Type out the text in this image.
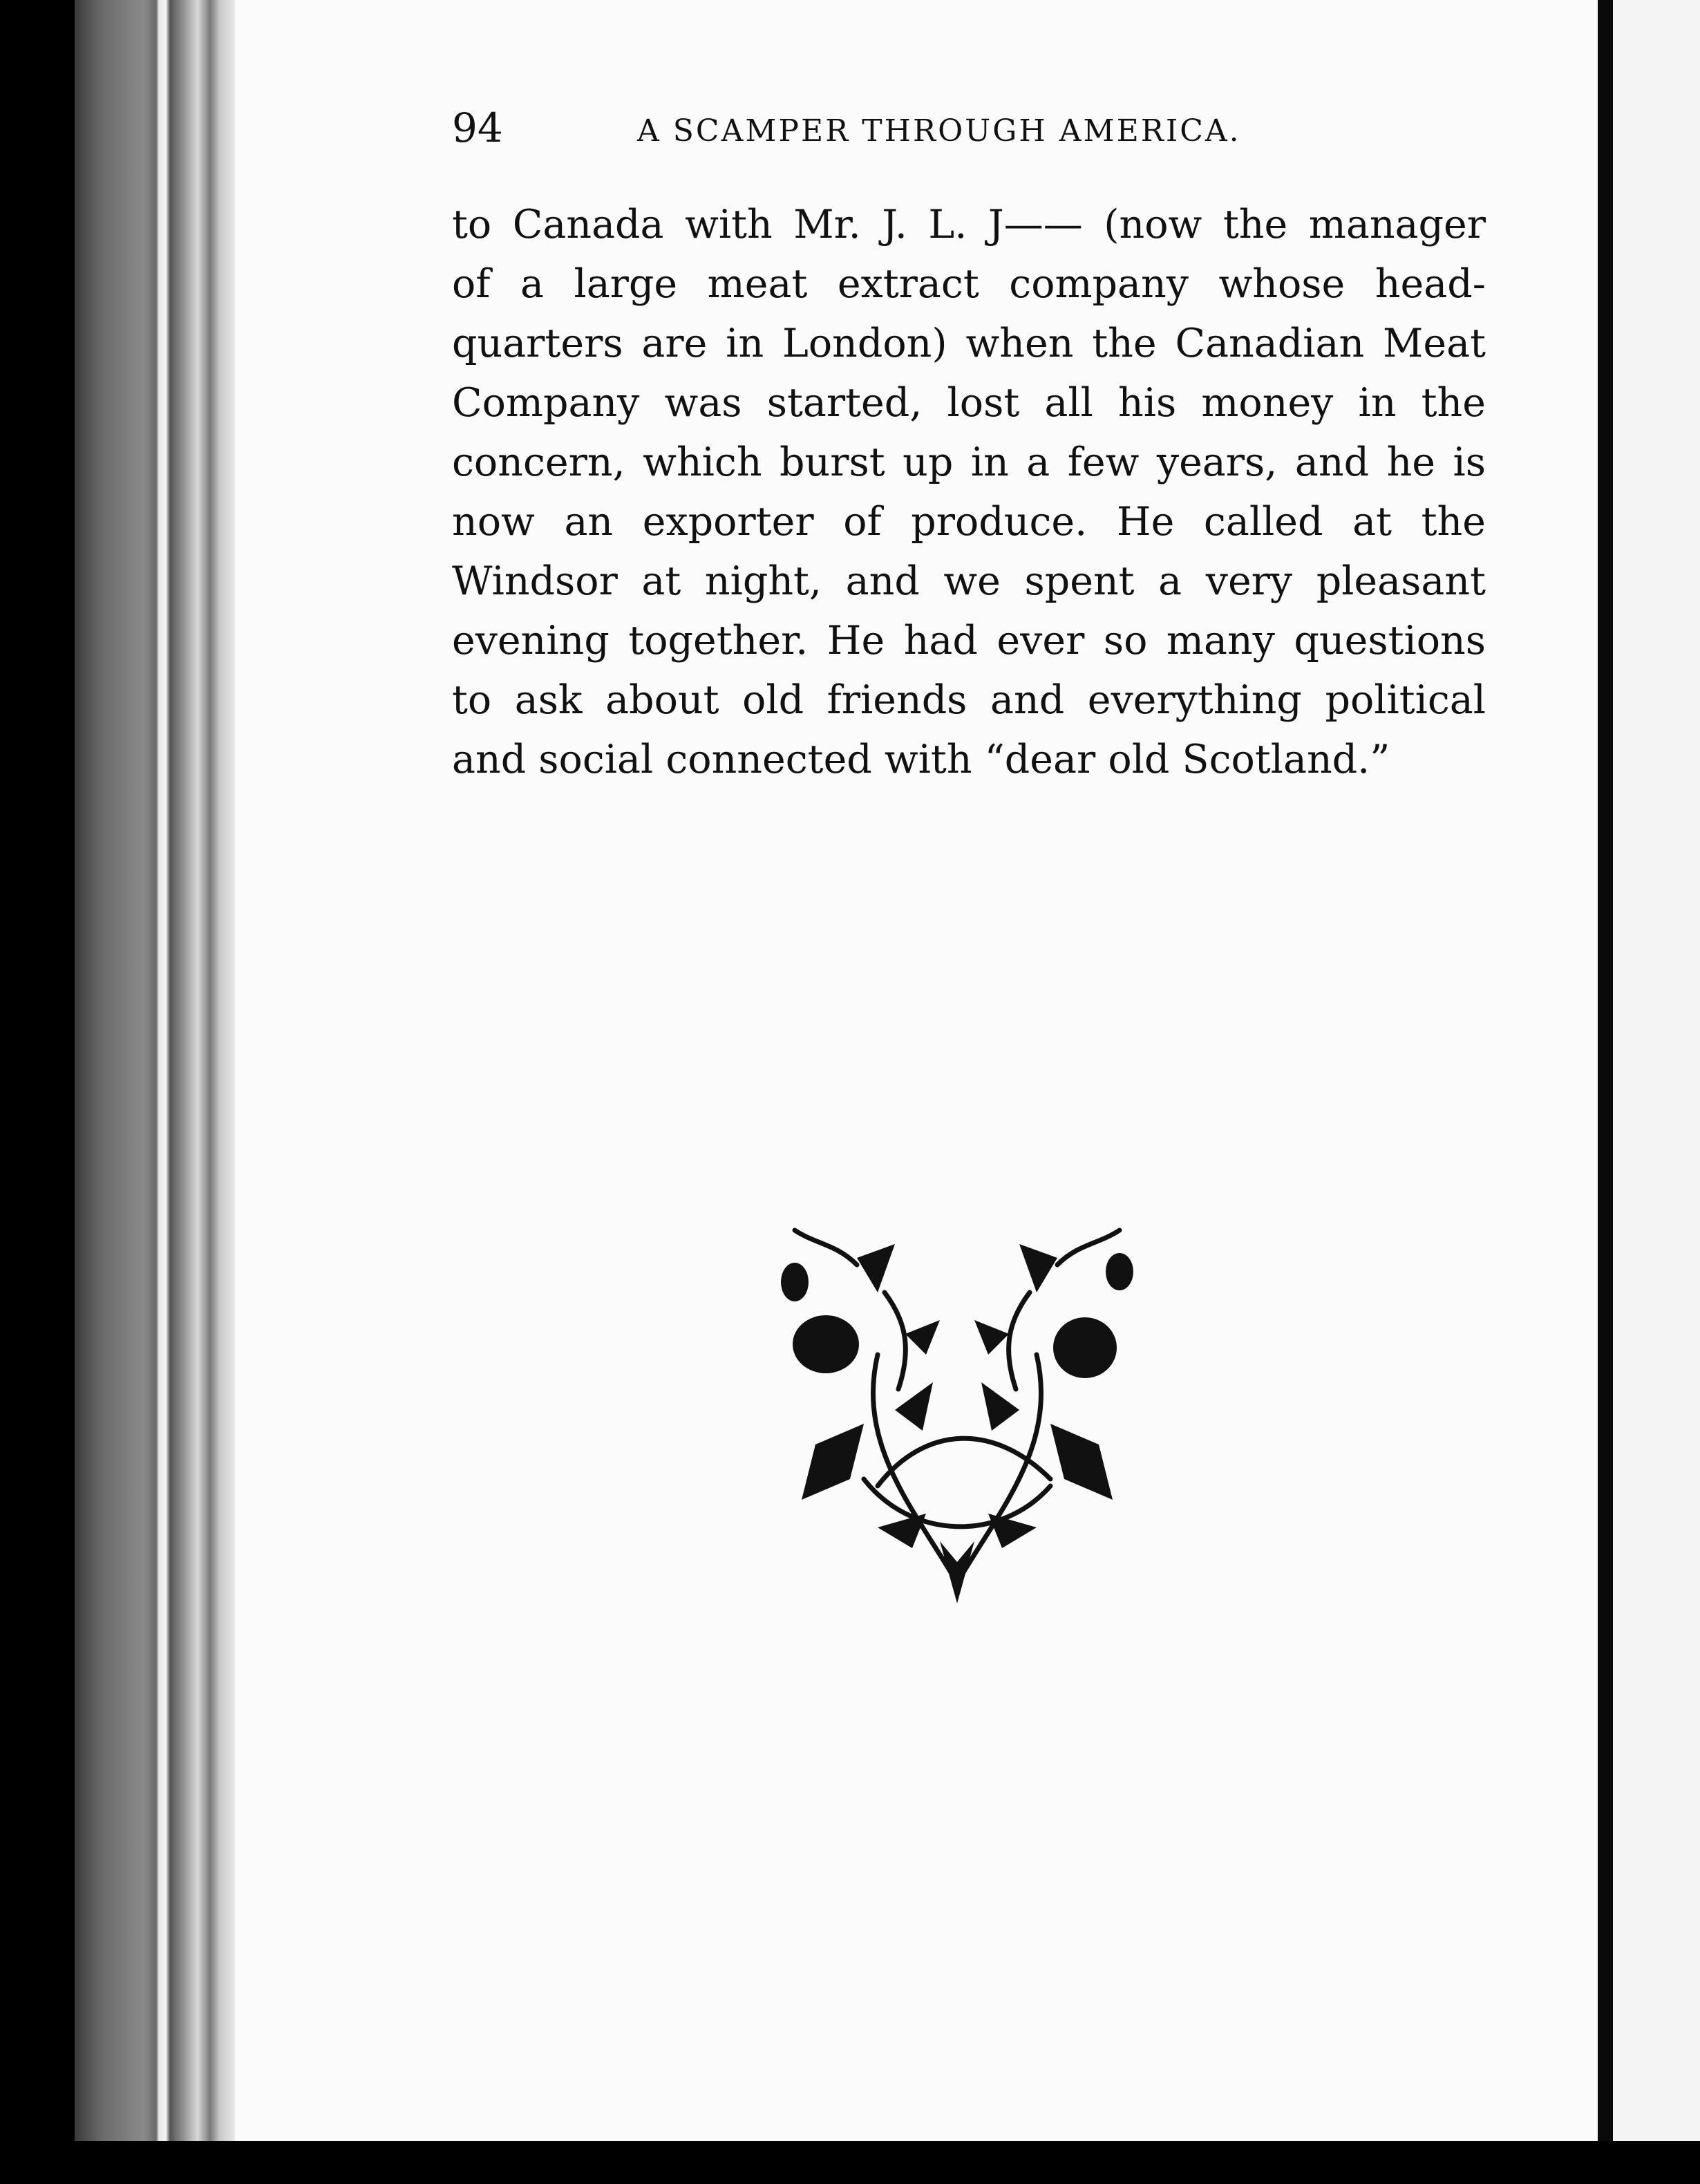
94	A SCAMPER THROUGH AMERICA.
to Canada with Mr. J. L. J—— (now the manager
of a large meat extract company whose head-
quarters are in London) when the Canadian Meat
Company was started, lost all his money in the
concern, which burst up in a few years, and he is
now an exporter of produce. He called at the
Windsor at night, and we spent a very pleasant
evening together. He had ever so many questions
to ask about old friends and everything political
and social connected with “dear old Scotland.”
